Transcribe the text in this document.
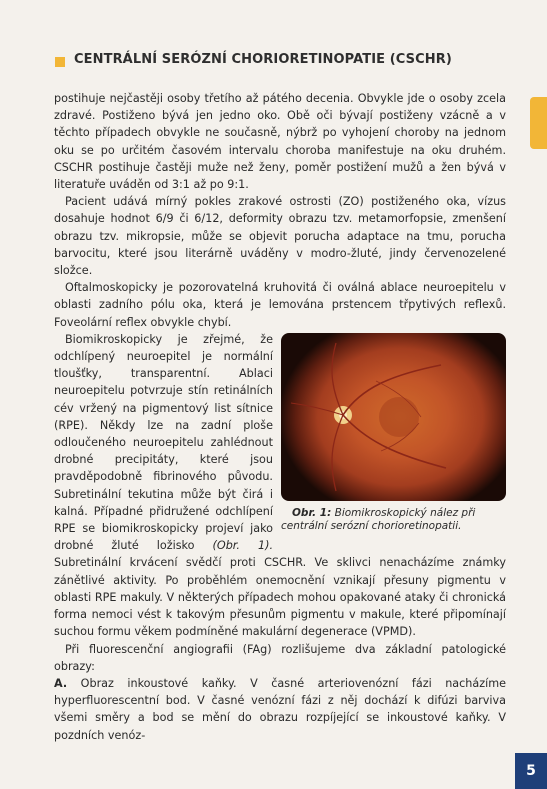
CENTRÁLNÍ SERÓZNÍ CHORIORETINOPATIE (CSCHR)

postihuje nejčastěji osoby třetího až pátého decenia. Obvykle jde o osoby zcela zdravé. Postiženo bývá jen jedno oko. Obě oči bývají postiženy vzácně a v těchto případech obvykle ne současně, nýbrž po vyhojení choroby na jednom oku se po určitém časovém intervalu choroba manifestuje na oku druhém. CSCHR postihuje častěji muže než ženy, poměr postižení mužů a žen bývá v literatuře uváděn od 3:1 až po 9:1.

Pacient udává mírný pokles zrakové ostrosti (ZO) postiženého oka, vízus dosahuje hodnot 6/9 či 6/12, deformity obrazu tzv. metamorfopsie, zmenšení obrazu tzv. mikropsie, může se objevit porucha adaptace na tmu, porucha barvocitu, které jsou literárně uváděny v modro-žluté, jindy červenozelené složce.

Oftalmoskopicky je pozorovatelná kruhovitá či oválná ablace neuroepitelu v oblasti zadního pólu oka, která je lemována prstencem třpytivých reflexů. Foveolární reflex obvykle chybí.

Obr. 1: Biomikroskopický nález při centrální serózní chorioretinopatii.
Biomikroskopicky je zřejmé, že odchlípený neuroepitel je normální tloušťky, transparentní. Ablaci neuroepitelu potvrzuje stín retinálních cév vržený na pigmentový list sítnice (RPE). Někdy lze na zadní ploše odloučeného neuroepitelu zahlédnout drobné precipitáty, které jsou pravděpodobně fibrinového původu. Subretinální tekutina může být čirá i kalná. Případné přidružené odchlípení RPE se biomikroskopicky projeví jako drobné žluté ložisko (Obr. 1). Subretinální krvácení svědčí proti CSCHR. Ve sklivci nenacházíme známky zánětlivé aktivity. Po proběhlém onemocnění vznikají přesuny pigmentu v oblasti RPE makuly. V některých případech mohou opakované ataky či chronická forma nemoci vést k takovým přesunům pigmentu v makule, které připomínají suchou formu věkem podmíněné makulární degenerace (VPMD).

Při fluorescenční angiografii (FAg) rozlišujeme dva základní patologické obrazy:

A. Obraz inkoustové kaňky. V časné arteriovenózní fázi nacházíme hyperfluorescentní bod. V časné venózní fázi z něj dochází k difúzi barviva všemi směry a bod se mění do obrazu rozpíjející se inkoustové kaňky. V pozdních venóz-

5
